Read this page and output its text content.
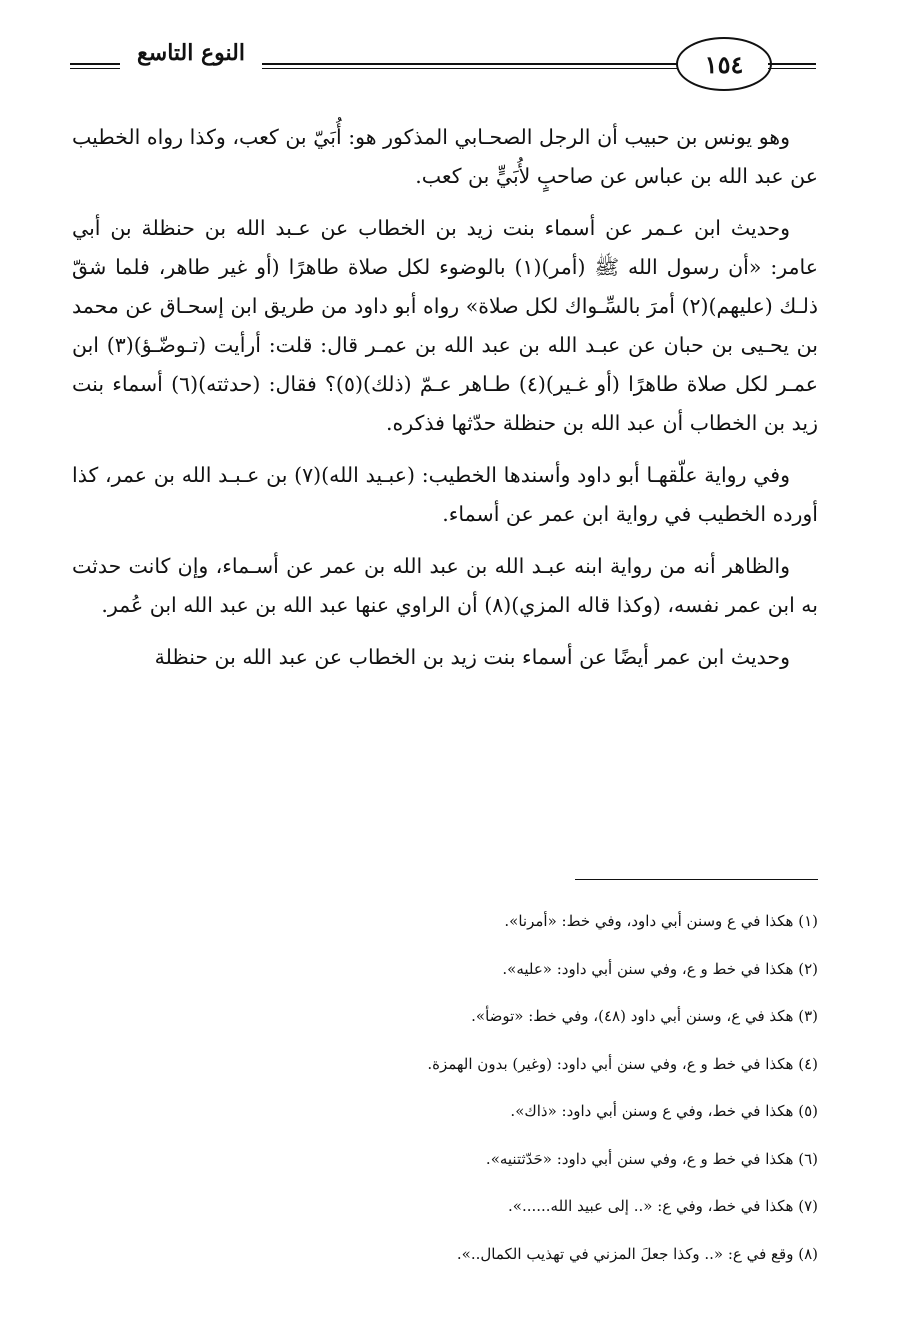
النوع التاسع	١٥٤

وهو يونس بن حبيب أن الرجل الصحـابي المذكور هو: أُبَيّ بن كعب، وكذا رواه الخطيب عن عبد الله بن عباس عن صاحبٍ لأُبَيٍّ بن كعب.

وحديث ابن عـمر عن أسماء بنت زيد بن الخطاب عن عـبد الله بن حنظلة بن أبي عامر: «أن رسول الله ﷺ (أمر)(١) بالوضوء لكل صلاة طاهرًا (أو غير طاهر، فلما شقّ ذلـك (عليهم)(٢) أمرَ بالسِّـواك لكل صلاة» رواه أبو داود من طريق ابن إسحـاق عن محمد بن يحـيى بن حبان عن عبـد الله بن عبد الله بن عمـر قال: قلت: أرأيت (تـوضّـؤ)(٣) ابن عمـر لكل صلاة طاهرًا (أو غـير)(٤) طـاهر عـمّ (ذلك)(٥)؟ فقال: (حدثته)(٦) أسماء بنت زيد بن الخطاب أن عبد الله بن حنظلة حدّثها فذكره.

وفي رواية علّقهـا أبو داود وأسندها الخطيب: (عبـيد الله)(٧) بن عـبـد الله بن عمر، كذا أورده الخطيب في رواية ابن عمر عن أسماء.

والظاهر أنه من رواية ابنه عبـد الله بن عبد الله بن عمر عن أسـماء، وإن كانت حدثت به ابن عمر نفسه، (وكذا قاله المزي)(٨) أن الراوي عنها عبد الله بن عبد الله ابن عُمر.

وحديث ابن عمر أيضًا عن أسماء بنت زيد بن الخطاب عن عبد الله بن حنظلة

(١) هكذا في ع وسنن أبي داود، وفي خط: «أمرنا».
(٢) هكذا في خط و ع، وفي سنن أبي داود: «عليه».
(٣) هكذ في ع، وسنن أبي داود (٤٨)، وفي خط: «توضأ».
(٤) هكذا في خط و ع، وفي سنن أبي داود: (وغير) بدون الهمزة.
(٥) هكذا في خط، وفي ع وسنن أبي داود: «ذاك».
(٦) هكذا في خط و ع، وفي سنن أبي داود: «حَدّثتنيه».
(٧) هكذا في خط، وفي ع: «.. إلى عبيد الله......».
(٨) وقع في ع: «.. وكذا جعلَ المزني في تهذيب الكمال..».
